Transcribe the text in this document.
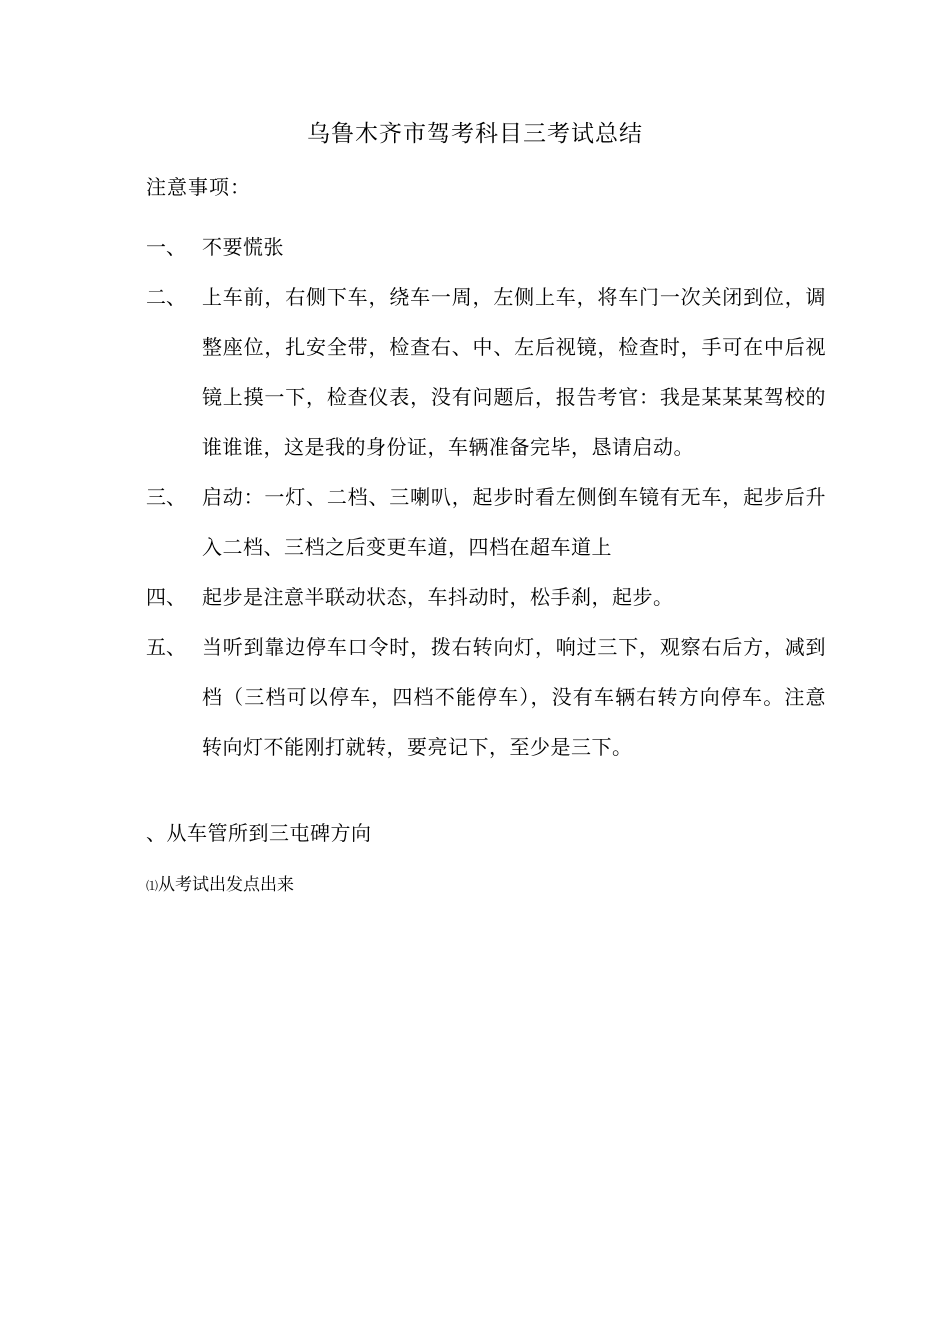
乌鲁木齐市驾考科目三考试总结
注意事项：
一、 不要慌张
二、 上车前，右侧下车，绕车一周，左侧上车，将车门一次关闭到位，调整座位，扎安全带，检查右、中、左后视镜，检查时，手可在中后视镜上摸一下，检查仪表，没有问题后，报告考官：我是某某某驾校的谁谁谁，这是我的身份证，车辆准备完毕，恳请启动。
三、 启动：一灯、二档、三喇叭，起步时看左侧倒车镜有无车，起步后升入二档、三档之后变更车道，四档在超车道上
四、 起步是注意半联动状态，车抖动时，松手刹，起步。
五、 当听到靠边停车口令时，拨右转向灯，响过三下，观察右后方，减到　档（三档可以停车，四档不能停车），没有车辆右转方向停车。注意转向灯不能刚打就转，要亮记下，至少是三下。
、从车管所到三屯碑方向
⑴从考试出发点出来
